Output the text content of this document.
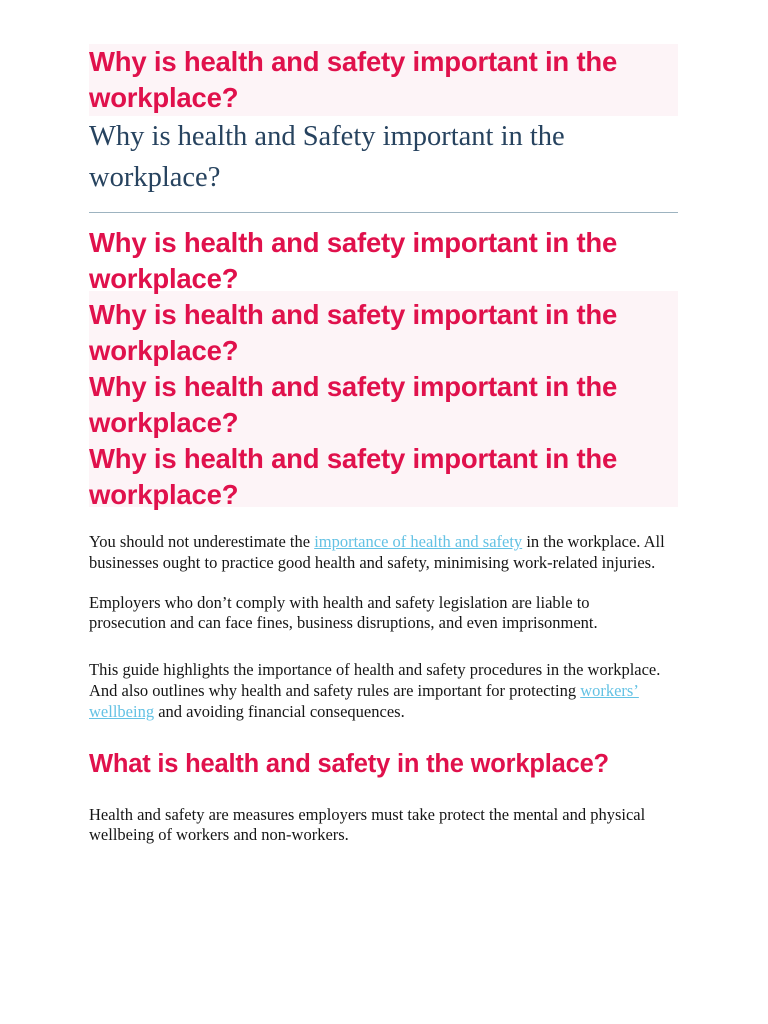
Why is health and safety important in the workplace?
Why is health and Safety important in the workplace?
Why is health and safety important in the workplace?
Why is health and safety important in the workplace?
Why is health and safety important in the workplace?
Why is health and safety important in the workplace?

You should not underestimate the importance of health and safety in the workplace. All businesses ought to practice good health and safety, minimising work-related injuries.

Employers who don’t comply with health and safety legislation are liable to prosecution and can face fines, business disruptions, and even imprisonment.

This guide highlights the importance of health and safety procedures in the workplace. And also outlines why health and safety rules are important for protecting workers’ wellbeing and avoiding financial consequences.

What is health and safety in the workplace?

Health and safety are measures employers must take protect the mental and physical wellbeing of workers and non-workers.
